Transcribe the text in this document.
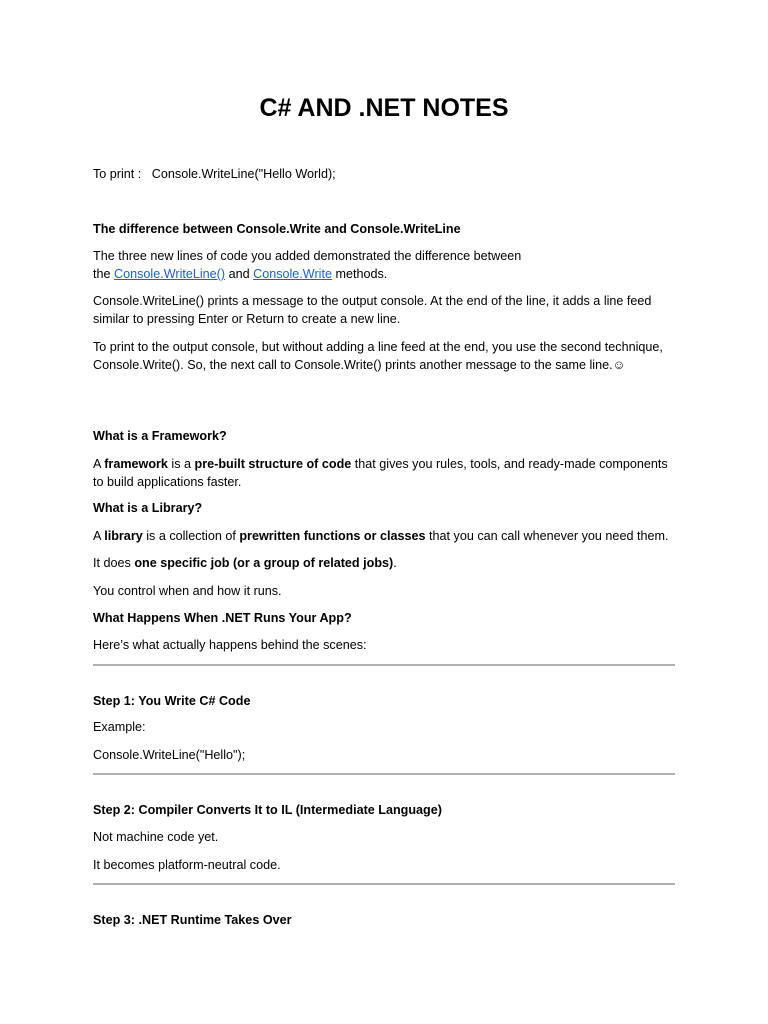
C# AND .NET NOTES

To print : Console.WriteLine("Hello World);

The difference between Console.Write and Console.WriteLine

The three new lines of code you added demonstrated the difference between
the Console.WriteLine() and Console.Write methods.

Console.WriteLine() prints a message to the output console. At the end of the line, it adds a line feed similar to pressing Enter or Return to create a new line.

To print to the output console, but without adding a line feed at the end, you use the second technique, Console.Write(). So, the next call to Console.Write() prints another message to the same line.☺

What is a Framework?

A framework is a pre-built structure of code that gives you rules, tools, and ready-made components to build applications faster.

What is a Library?

A library is a collection of prewritten functions or classes that you can call whenever you need them.

It does one specific job (or a group of related jobs).

You control when and how it runs.

What Happens When .NET Runs Your App?

Here’s what actually happens behind the scenes:

Step 1: You Write C# Code

Example:

Console.WriteLine("Hello");

Step 2: Compiler Converts It to IL (Intermediate Language)

Not machine code yet.

It becomes platform-neutral code.

Step 3: .NET Runtime Takes Over
